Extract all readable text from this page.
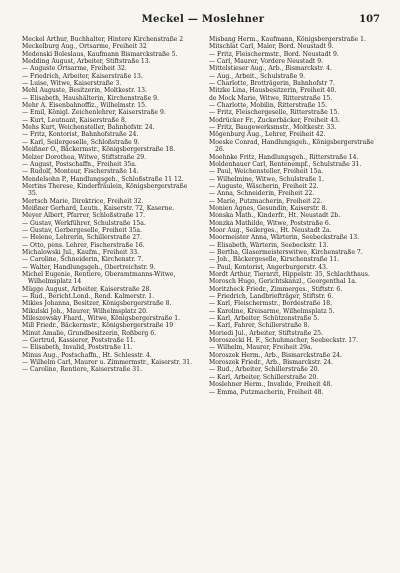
Meckel — Moslehner	107
Meckel Arthur, Buchhalter, Hintere Kirchenstraße 2
Meckelburg Aug., Ortsarme, Freiheit 32
Medenski Boleslaus, Kaufmann Bismarckstraße 5.
Medding August, Arbeiter, Stiftstraße 13.
— Auguste Ortsarme, Freiheit 32.
— Friedrich, Arbeiter, Kaiserstraße 13.
— Luise, Witwe, Kaiserstraße 3.
Mehl Auguste, Besitzerin, Moltkestr. 13.
— Elisabeth, Haushälterin, Kirchenstraße 9.
Mehr A. Eisenbahnoffiz., Wilhelmstr. 15.
— Emil, Königl. Zeichenlehrer, Kaiserstraße 9.
— Kurt, Leutnant, Kaiserstraße 8.
Mehs Kurt, Weichensteller, Bahnhofstr. 24.
— Fritz, Kontorist, Bahnhofstraße 24.
— Karl, Seilergeselle, Schloßstraße 9.
Meißner O., Bäckermstr., Königsbergerstraße 18.
Melzer Dorothea, Witwe, Stiftstraße 29.
— August, Postschaffn., Freiheit 35a.
— Rudolf, Monteur, Fischerstraße 14.
Mendelsohn P., Handlungsgeh., Schloßstraße 11 12.
Mertins Therese, Kinderfräulein, Königsbergerstraße 35.
Mertsch Marie, Direktrice, Freiheit 32.
Meißner Gerhard, Leutn., Kaiserstr. 72, Kaserne.
Meyer Albert, Pfarrer, Schloßstraße 17.
— Gustav, Werkführer, Schulstraße 15a.
— Gustav, Gerbergeselle, Freiheit 35a.
— Helene, Lehrerin, Schillerstraße 27.
— Otto, pens. Lehrer, Fischerstraße 16.
Michalowski Jul., Kaufm., Freiheit 33.
— Caroline, Schneiderin, Kirchenstr. 7.
— Walter, Handlungsgeh., Obertreichstr. 9.
Michel Eugenie, Rentiere, Oberamtmanns-Witwe, Wilhelmsplatz 14
Mügge August, Arbeiter, Kaiserstraße 28.
— Rud., Bericht.Lond., Rend. Kalmerstr. 1.
Mikies Johanna, Besitzer, Königsbergerstraße 8.
Mikulski Joh., Maurer, Wilhelmsplatz 20.
Mileszewsky Fhard., Witwe, Königsbergerstraße 1.
Mill Friedr., Bäckermstr., Königsbergerstraße 19
Minut Amalie, Grundbesitzerin, Roßberg 6.
— Gertrud, Kassierer, Poststraße 11.
— Elisabeth, Invalid, Poststraße 11.
Minus Aug., Postschaffn., Ht. Schlesstr. 4.
— Wilhelm Carl, Maurer u. Zimmermstr., Kaiserstr. 31.
— Caroline, Rentiere, Kaiserstraße 31.
Misbang Herm., Kaufmann, Königsbergerstraße 1.
Mitschlat Carl, Maler, Bord. Neustadt 9.
— Fritz, Fleischermstr., Bord. Neustadt 9.
— Carl, Maurer, Vordere Neustadt 9.
Mittelstieser Aug., Arb., Bismarckstr. 4.
— Aug., Arbeit., Schulstraße 9.
— Charlotte, Brotträgerin, Bahnhofstr 7.
Mitzke Lina, Hausbesitzerin, Freiheit 40.
de Mock Marie, Witwe, Ritterstraße 15.
— Charlotte, Mobilin, Ritterstraße 15.
— Fritz, Fleischergeselle, Ritterstraße 15.
Modrücker Fr., Zuckerbäcker, Freiheit 43.
— Fritz, Baugewerksmstr., Moltkestr. 33.
Mögenburg Aug., Lehrer, Freiheit 42.
Moeske Conrad, Handlungsgeh., Königsbergerstraße 26.
Moehnke Fritz, Handlungsgeh., Ritterstraße 14.
Moldenhauer Carl, Rentenempf., Schulstraße 31.
— Paul, Weichensteller, Freiheit 15a.
— Wilhelmine, Witwe, Schulstraße 1.
— Auguste, Wäscherin, Freiheit 22.
— Anna, Schneiderin, Freiheit 22.
— Marie, Putzmacherin, Freiheit 22.
Monien Agnes, Gesundin, Kaiserstr. 8.
Monska Math., Kinderfr., Ht. Neustadt 2b.
Monzka Mathilde, Witwe, Poststraße 6.
Moor Aug., Seilerges., Ht. Neustadt 2a.
Moormeister Anna, Wärterin, Seebeckstraße 13.
— Elisabeth, Wärterin, Seebeckstr. 13.
— Bertha, Glasermeisterswitwe, Kirchenstraße 7.
— Joh., Bäckergeselle, Kirschenstraße 11.
— Paul, Kontorist, Angerburgerstr. 43.
Mordt Arthur, Tierarzt, Hippelstr. 35, Schlachthaus.
Morosch Hugo, Gerichtskanzl., Georgenthal 1a.
Moritzheck Friedr., Zimmerges., Stiftstr. 6.
— Friedrich, Landbriefträger, Stiftstr. 6.
— Karl, Fleischermstr., Bordestraße 18.
— Karoline, Kreisarme, Wilhelmsplatz 5.
— Karl, Arbeiter, Schützenstraße 5.
— Karl, Fahrer, Schillerstraße 8.
Moriedi Jul., Arbeiter, Stiftstraße 25.
Moroszecki H. F., Schuhmacher, Seebeckstr. 17.
— Wilhelm, Maurer, Freiheit 29a.
Moroszek Herm., Arb., Bismarckstraße 24.
Moroszek Friedr., Arb., Bismarckstr. 24.
— Rud., Arbeiter, Schillerstraße 20.
— Karl, Arbeiter, Schillerstraße 20.
Moslehner Herm., Invalide, Freiheit 48.
— Emma, Putzmacherin, Freiheit 48.
